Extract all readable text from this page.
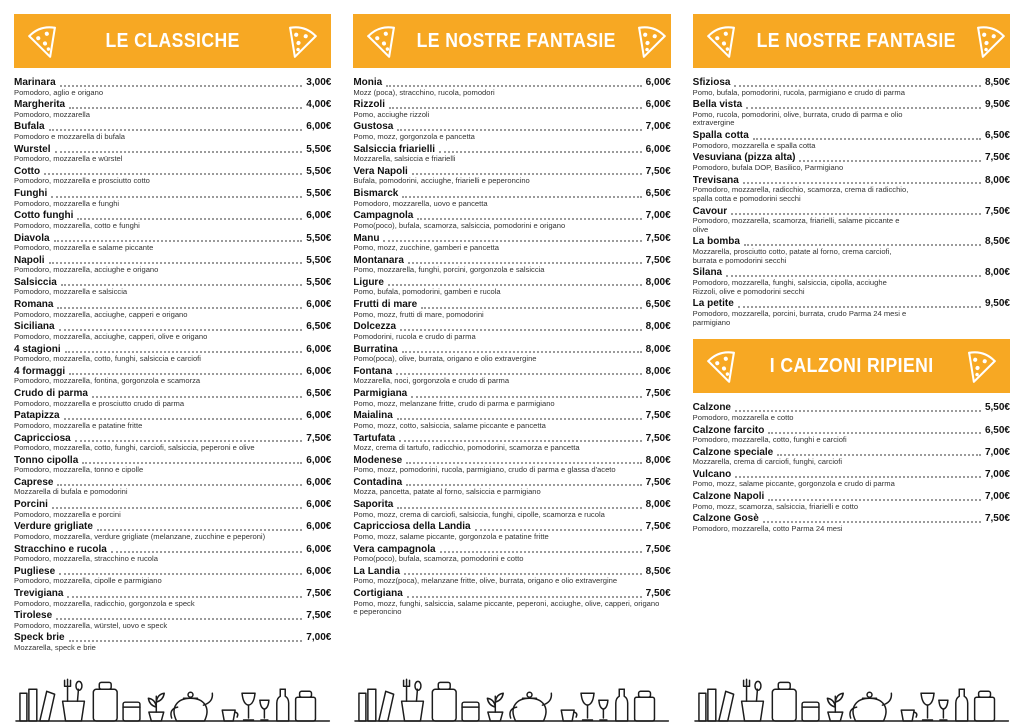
LE CLASSICHE
Marinara	3,00€
Pomodoro, aglio e origano
Margherita	4,00€
Pomodoro, mozzarella
Bufala	6,00€
Pomodoro e mozzarella di bufala
Wurstel	5,50€
Pomodoro, mozzarella e würstel
Cotto	5,50€
Pomodoro, mozzarella e prosciutto cotto
Funghi	5,50€
Pomodoro, mozzarella e funghi
Cotto funghi	6,00€
Pomodoro, mozzarella, cotto e funghi
Diavola	5,50€
Pomodoro, mozzarella e salame piccante
Napoli	5,50€
Pomodoro, mozzarella, acciughe e origano
Salsiccia	5,50€
Pomodoro, mozzarella e salsiccia
Romana	6,00€
Pomodoro, mozzarella, acciughe, capperi e origano
Siciliana	6,50€
Pomodoro, mozzarella, acciughe, capperi, olive e origano
4 stagioni	6,00€
Pomodoro, mozzarella, cotto, funghi, salsiccia e carciofi
4 formaggi	6,00€
Pomodoro, mozzarella, fontina, gorgonzola e scamorza
Crudo di parma	6,50€
Pomodoro, mozzarella e prosciutto crudo di parma
Patapizza	6,00€
Pomodoro, mozzarella e patatine fritte
Capricciosa	7,50€
Pomodoro, mozzarella, cotto, funghi, carciofi, salsiccia, peperoni e olive
Tonno cipolla	6,00€
Pomodoro, mozzarella, tonno e cipolle
Caprese	6,00€
Mozzarella di bufala e pomodorini
Porcini	6,00€
Pomodoro, mozzarella e porcini
Verdure grigliate	6,00€
Pomodoro, mozzarella, verdure grigliate (melanzane, zucchine e peperoni)
Stracchino e rucola	6,00€
Pomodoro, mozzarella, stracchino e rucola
Pugliese	6,00€
Pomodoro, mozzarella, cipolle e parmigiano
Trevigiana	7,50€
Pomodoro, mozzarella, radicchio, gorgonzola e speck
Tirolese	7,50€
Pomodoro, mozzarella, würstel, uovo e speck
Speck brie	7,00€
Mozzarella, speck e brie
LE NOSTRE FANTASIE
Monia	6,00€
Mozz (poca), stracchino, rucola, pomodori
Rizzoli	6,00€
Pomo, acciughe rizzoli
Gustosa	7,00€
Pomo, mozz, gorgonzola e pancetta
Salsiccia friarielli	6,00€
Mozzarella, salsiccia e friarielli
Vera Napoli	7,50€
Bufala, pomodorini, acciughe, friarielli e peperoncino
Bismarck	6,50€
Pomodoro, mozzarella, uovo e pancetta
Campagnola	7,00€
Pomo(poco), bufala, scamorza, salsiccia, pomodorini e origano
Manu	7,50€
Pomo, mozz, zucchine, gamberi e pancetta
Montanara	7,50€
Pomo, mozzarella, funghi, porcini, gorgonzola e salsiccia
Ligure	8,00€
Pomo, bufala, pomodorini, gamberi e rucola
Frutti di mare	6,50€
Pomo, mozz, frutti di mare, pomodorini
Dolcezza	8,00€
Pomodorini, rucola e crudo di parma
Burratina	8,00€
Pomo(poca), olive, burrata, origano e olio extravergine
Fontana	8,00€
Mozzarella, noci, gorgonzola e crudo di parma
Parmigiana	7,50€
Pomo, mozz, melanzane fritte, crudo di parma e parmigiano
Maialina	7,50€
Pomo, mozz, cotto, salsiccia, salame piccante e pancetta
Tartufata	7,50€
Mozz, crema di tartufo, radicchio, pomodorini, scamorza e pancetta
Modenese	8,00€
Pomo, mozz, pomodorini, rucola, parmigiano, crudo di parma e glassa d'aceto
Contadina	7,50€
Mozza, pancetta, patate al forno, salsiccia e parmigiano
Saporita	8,00€
Pomo, mozz, crema di carciofi, salsiccia, funghi, cipolle, scamorza e rucola
Capricciosa della Landia	7,50€
Pomo, mozz, salame piccante, gorgonzola e patatine fritte
Vera campagnola	7,50€
Pomo(poco), bufala, scamorza, pomodorini e cotto
La Landia	8,50€
Pomo, mozz(poca), melanzane fritte, olive, burrata, origano e olio extravergine
Cortigiana	7,50€
Pomo, mozz, funghi, salsiccia, salame piccante, peperoni, acciughe, olive, capperi, origano e peperoncino
LE NOSTRE FANTASIE
Sfiziosa	8,50€
Pomo, bufala, pomodorini, rucola, parmigiano e crudo di parma
Bella vista	9,50€
Pomo, rucola, pomodorini, olive, burrata, crudo di parma e olio extravergine
Spalla cotta	6,50€
Pomodoro, mozzarella e spalla cotta
Vesuviana (pizza alta)	7,50€
Pomodoro, bufala DOP, Basilico, Parmigiano
Trevisana	8,00€
Pomodoro, mozzarella, radicchio, scamorza, crema di radicchio, spalla cotta e pomodorini secchi
Cavour	7,50€
Pomodoro, mozzarella, scamorza, friarielli, salame piccante e olive
La bomba	8,50€
Mozzarella, prosciutto cotto, patate al forno, crema carciofi, burrata e pomodorini secchi
Silana	8,00€
Pomodoro, mozzarella, funghi, salsiccia, cipolla, acciughe Rizzoli, olive e pomodorini secchi
La petite	9,50€
Pomodoro, mozzarella, porcini, burrata, crudo Parma 24 mesi e parmigiano
I CALZONI RIPIENI
Calzone	5,50€
Pomodoro, mozzarella e cotto
Calzone farcito	6,50€
Pomodoro, mozzarella, cotto, funghi e carciofi
Calzone speciale	7,00€
Mozzarella, crema di carciofi, funghi, carciofi
Vulcano	7,00€
Pomo, mozz, salame piccante, gorgonzola e crudo di parma
Calzone Napoli	7,00€
Pomo, mozz, scamorza, salsiccia, friarielli e cotto
Calzone Gosè	7,50€
Pomodoro, mozzarella, cotto Parma 24 mesi
